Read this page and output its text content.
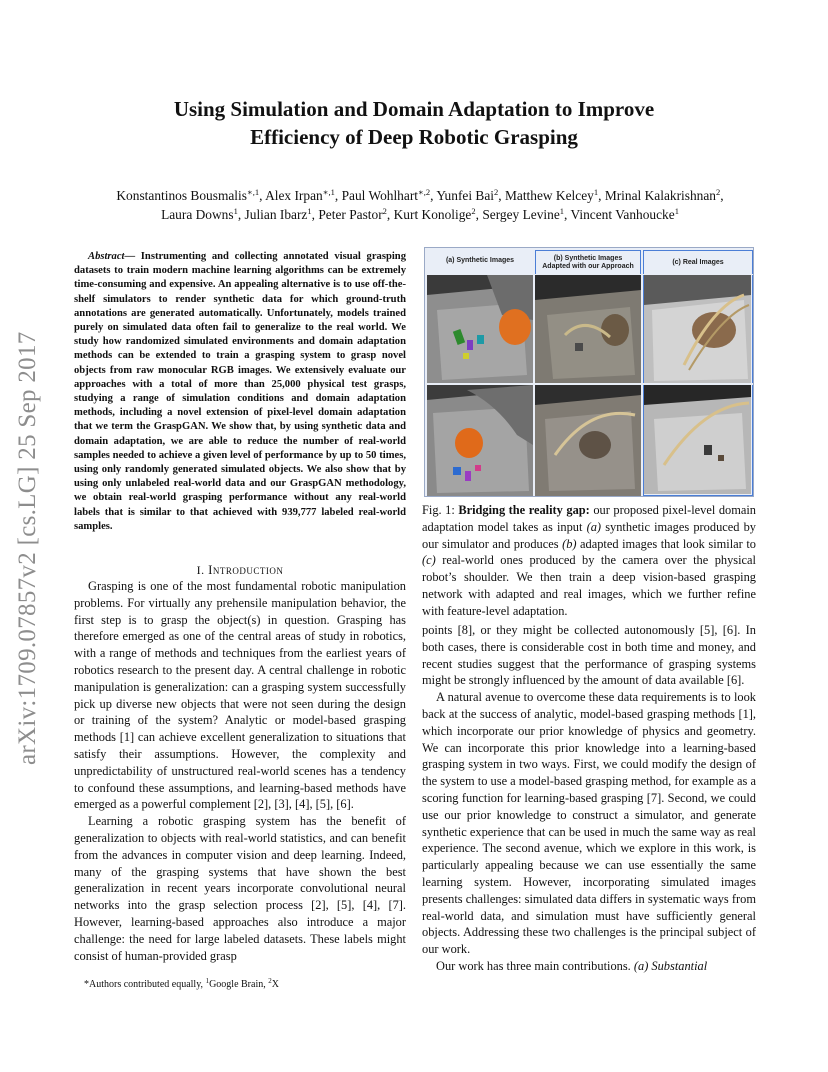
arXiv:1709.07857v2 [cs.LG] 25 Sep 2017
Using Simulation and Domain Adaptation to Improve
Efficiency of Deep Robotic Grasping
Konstantinos Bousmalis$^{∗,1}$, Alex Irpan$^{∗,1}$, Paul Wohlhart$^{∗,2}$, Yunfei Bai$^2$, Matthew Kelcey$^1$, Mrinal Kalakrishnan$^2$,
Laura Downs$^1$, Julian Ibarz$^1$, Peter Pastor$^2$, Kurt Konolige$^2$, Sergey Levine$^1$, Vincent Vanhoucke$^1$
Abstract— Instrumenting and collecting annotated visual grasping datasets to train modern machine learning algorithms can be extremely time-consuming and expensive. An appealing alternative is to use off-the-shelf simulators to render synthetic data for which ground-truth annotations are generated automatically. Unfortunately, models trained purely on simulated data often fail to generalize to the real world. We study how randomized simulated environments and domain adaptation methods can be extended to train a grasping system to grasp novel objects from raw monocular RGB images. We extensively evaluate our approaches with a total of more than 25,000 physical test grasps, studying a range of simulation conditions and domain adaptation methods, including a novel extension of pixel-level domain adaptation that we term the GraspGAN. We show that, by using synthetic data and domain adaptation, we are able to reduce the number of real-world samples needed to achieve a given level of performance by up to 50 times, using only randomly generated simulated objects. We also show that by using only unlabeled real-world data and our GraspGAN methodology, we obtain real-world grasping performance without any real-world labels that is similar to that achieved with 939,777 labeled real-world samples.
I. Introduction

Grasping is one of the most fundamental robotic manipulation problems. For virtually any prehensile manipulation behavior, the first step is to grasp the object(s) in question. Grasping has therefore emerged as one of the central areas of study in robotics, with a range of methods and techniques from the earliest years of robotics research to the present day. A central challenge in robotic manipulation is generalization: can a grasping system successfully pick up diverse new objects that were not seen during the design or training of the system? Analytic or model-based grasping methods [1] can achieve excellent generalization to situations that satisfy their assumptions. However, the complexity and unpredictability of unstructured real-world scenes has a tendency to confound these assumptions, and learning-based methods have emerged as a powerful complement [2], [3], [4], [5], [6].

Learning a robotic grasping system has the benefit of generalization to objects with real-world statistics, and can benefit from the advances in computer vision and deep learning. Indeed, many of the grasping systems that have shown the best generalization in recent years incorporate convolutional neural networks into the grasp selection process [2], [5], [4], [7]. However, learning-based approaches also introduce a major challenge: the need for large labeled datasets. These labels might consist of human-provided grasp

*Authors contributed equally, $^1$Google Brain, $^2$X
(a) Synthetic Images	(b) Synthetic Images
Adapted with our Approach
(c) Real Images
Fig. 1: Bridging the reality gap: our proposed pixel-level domain adaptation model takes as input (a) synthetic images produced by our simulator and produces (b) adapted images that look similar to (c) real-world ones produced by the camera over the physical robot’s shoulder. We then train a deep vision-based grasping network with adapted and real images, which we further refine with feature-level adaptation.

points [8], or they might be collected autonomously [5], [6]. In both cases, there is considerable cost in both time and money, and recent studies suggest that the performance of grasping systems might be strongly influenced by the amount of data available [6].

A natural avenue to overcome these data requirements is to look back at the success of analytic, model-based grasping methods [1], which incorporate our prior knowledge of physics and geometry. We can incorporate this prior knowledge into a learning-based grasping system in two ways. First, we could modify the design of the system to use a model-based grasping method, for example as a scoring function for learning-based grasping [7]. Second, we could use our prior knowledge to construct a simulator, and generate synthetic experience that can be used in much the same way as real experience. The second avenue, which we explore in this work, is particularly appealing because we can use essentially the same learning system. However, incorporating simulated images presents challenges: simulated data differs in systematic ways from real-world data, and simulation must have sufficiently general objects. Addressing these two challenges is the principal subject of our work.

Our work has three main contributions. (a) Substantial
